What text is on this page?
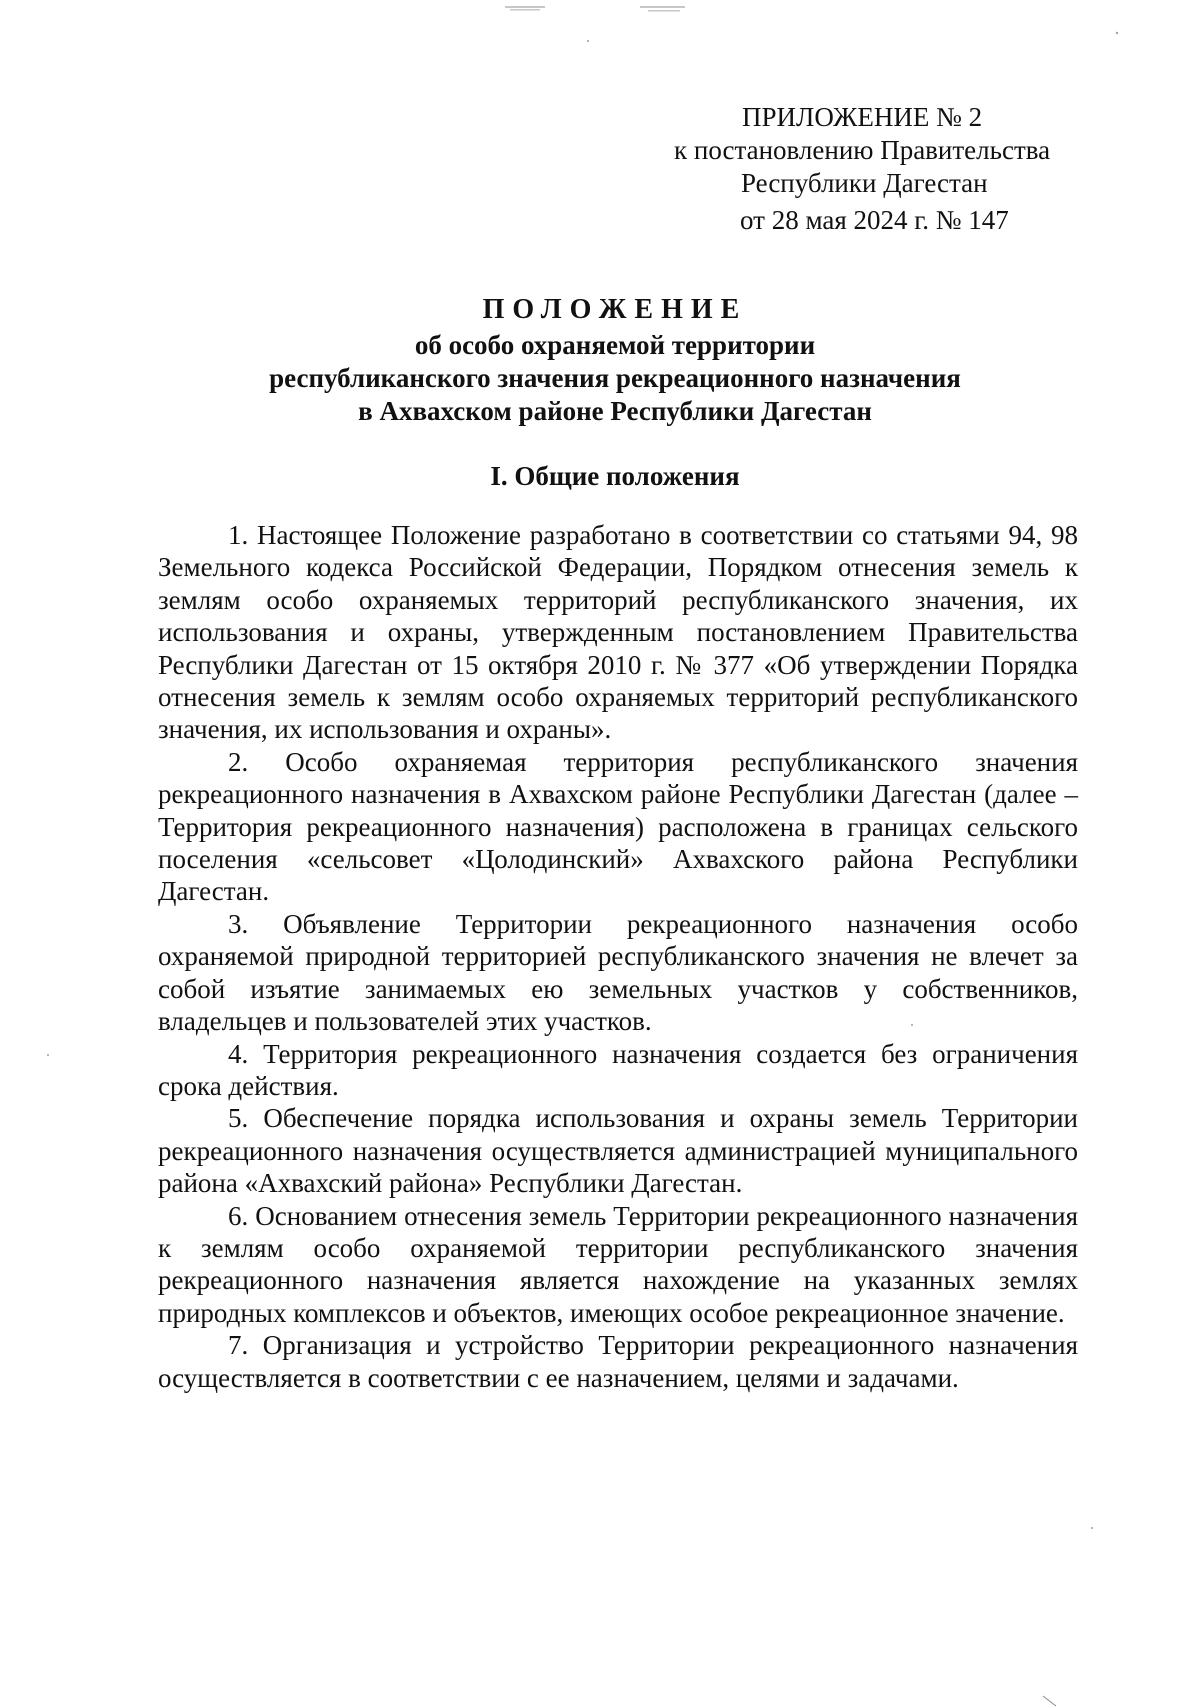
ПРИЛОЖЕНИЕ № 2
к постановлению Правительства
Республики Дагестан
от 28 мая 2024 г. № 147
ПОЛОЖЕНИЕ
об особо охраняемой территории
республиканского значения рекреационного назначения
в Ахвахском районе Республики Дагестан
I. Общие положения

1. Настоящее Положение разработано в соответствии со статьями 94, 98 Земельного кодекса Российской Федерации, Порядком отнесения земель к землям особо охраняемых территорий республиканского значения, их использования и охраны, утвержденным постановлением Правительства Республики Дагестан от 15 октября 2010 г. № 377 «Об утверждении Порядка отнесения земель к землям особо охраняемых территорий республиканского значения, их использования и охраны».

2. Особо охраняемая территория республиканского значения рекреационного назначения в Ахвахском районе Республики Дагестан (далее – Территория рекреационного назначения) расположена в границах сельского поселения «сельсовет «Цолодинский» Ахвахского района Республики Дагестан.

3. Объявление Территории рекреационного назначения особо охраняемой природной территорией республиканского значения не влечет за собой изъятие занимаемых ею земельных участков у собственников, владельцев и пользователей этих участков.

4. Территория рекреационного назначения создается без ограничения срока действия.

5. Обеспечение порядка использования и охраны земель Территории рекреационного назначения осуществляется администрацией муниципального района «Ахвахский района» Республики Дагестан.

6. Основанием отнесения земель Территории рекреационного назначения к землям особо охраняемой территории республиканского значения рекреационного назначения является нахождение на указанных землях природных комплексов и объектов, имеющих особое рекреационное значение.

7. Организация и устройство Территории рекреационного назначения осуществляется в соответствии с ее назначением, целями и задачами.
